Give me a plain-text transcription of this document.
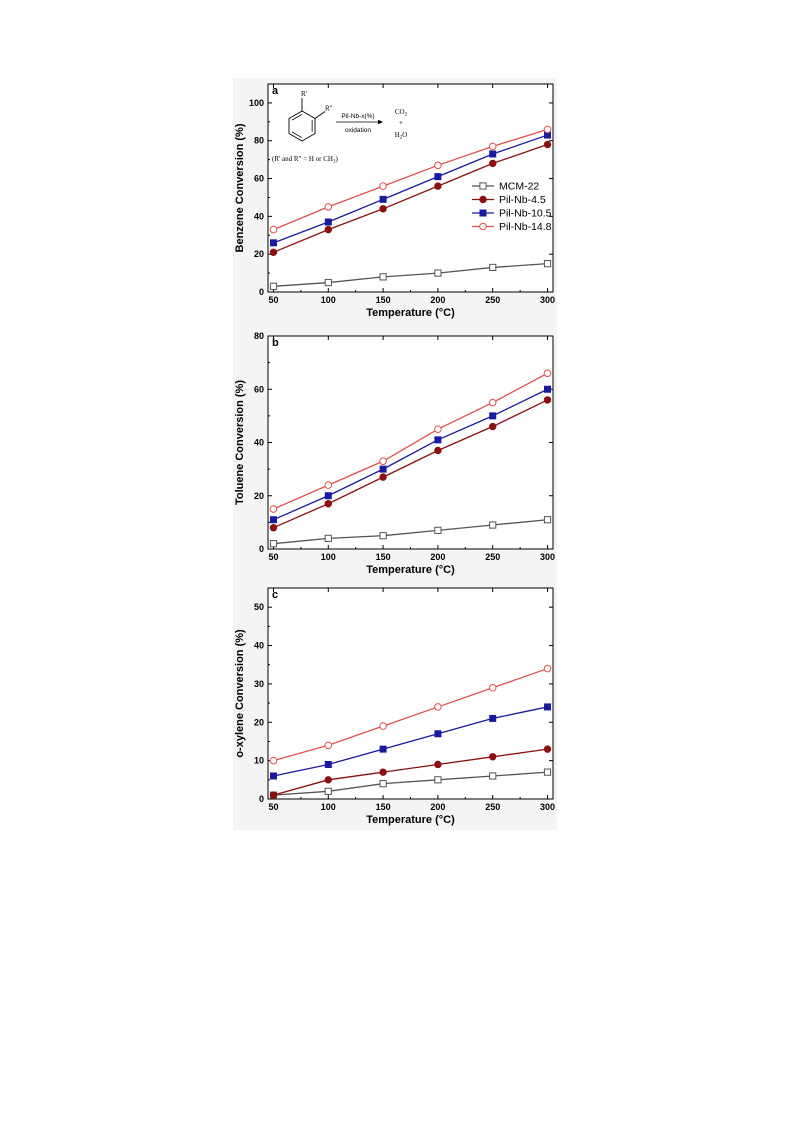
50	100	150	200	250	300
0
20
40
60
80
100
Temperature (°C)
Benzene Conversion (%)
a
MCM-22
Pil-Nb-4.5
Pil-Nb-10.5
Pil-Nb-14.8
R'
R"
Pil-Nb-x(%)
oxidation
$CO_2$
+
$H_2O$
(R' and R" = H or $CH_3$)
50	100	150	200	250	300
0
20
40
60
80
Temperature (°C)
Toluene Conversion (%)
b
50	100	150	200	250	300
0
10
20
30
40
50
Temperature (°C)
o-xylene Conversion (%)
c
